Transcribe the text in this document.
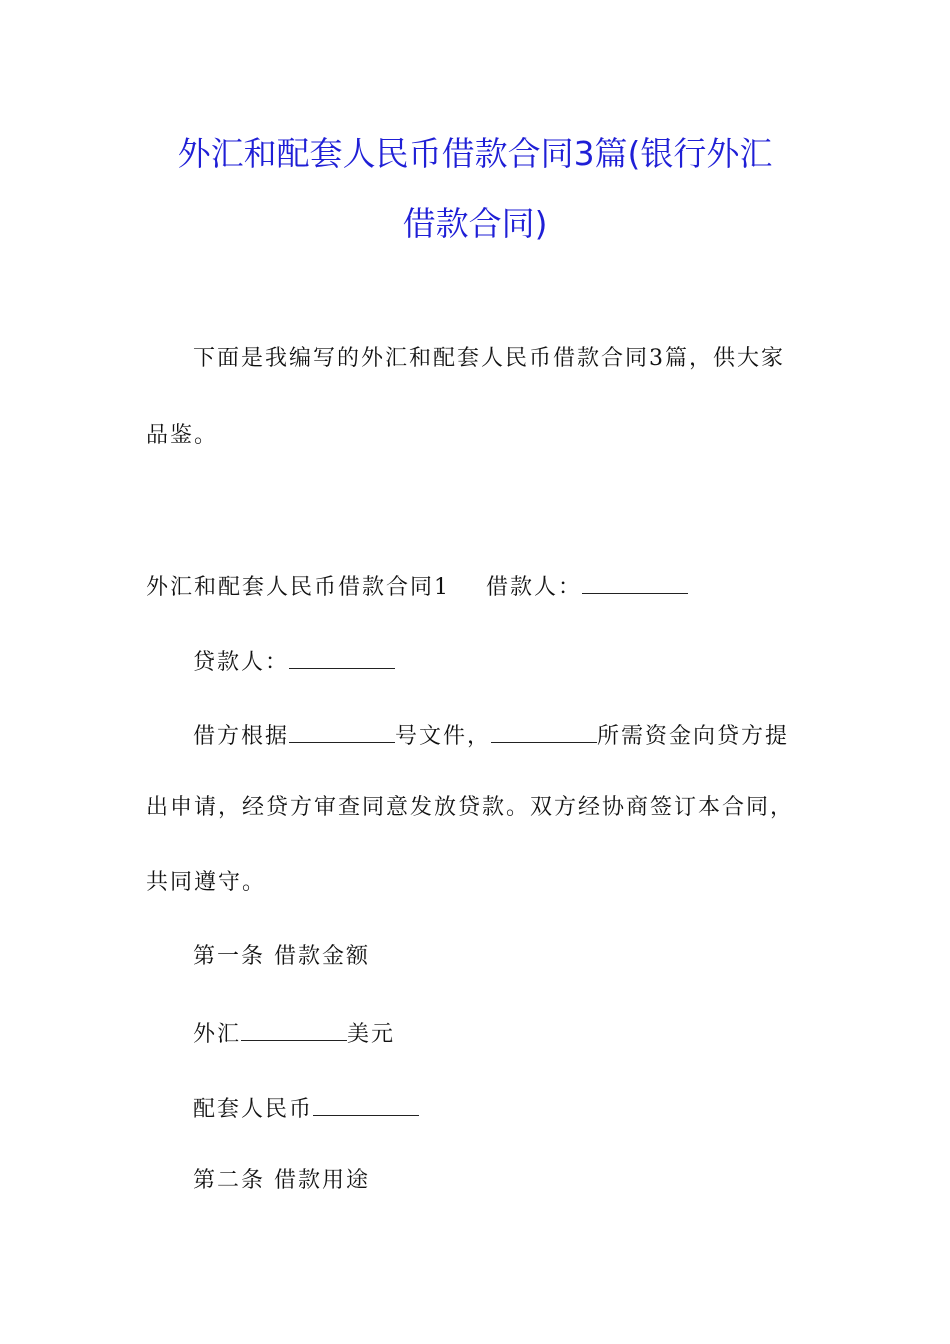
外汇和配套人民币借款合同3篇(银行外汇
借款合同)
下面是我编写的外汇和配套人民币借款合同3篇，供大家
品鉴。
外汇和配套人民币借款合同1 借款人：
贷款人：
借方根据	号文件，	所需资金向贷方提
出申请，经贷方审查同意发放贷款。双方经协商签订本合同，
共同遵守。
第一条 借款金额
外汇	美元
配套人民币
第二条 借款用途
